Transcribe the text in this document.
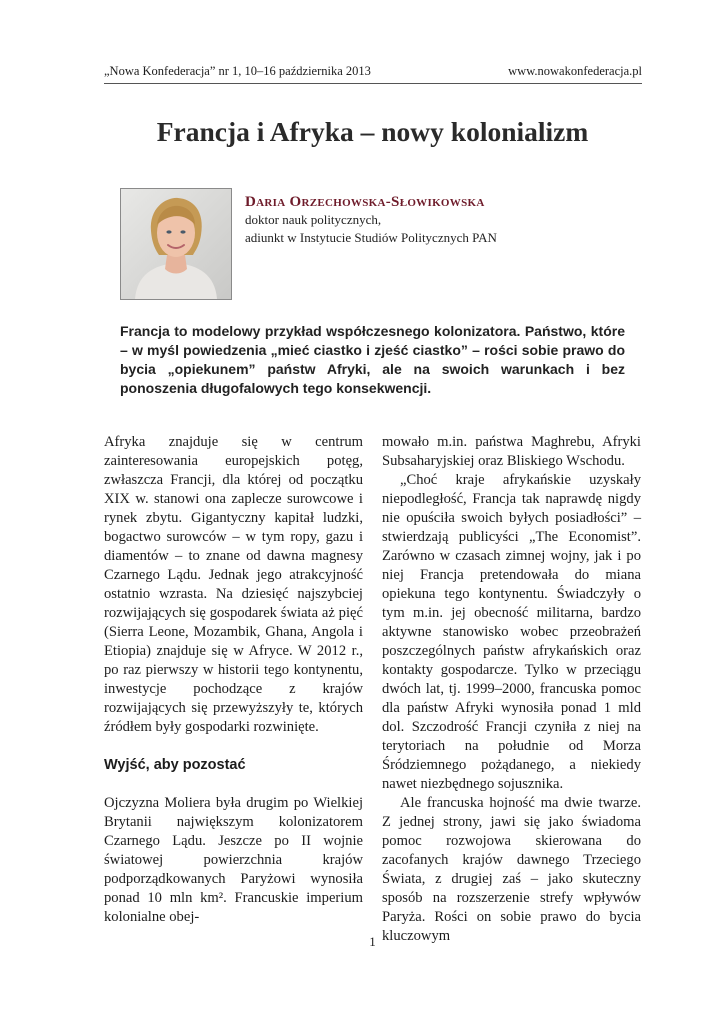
„Nowa Konfederacja” nr 1, 10–16 października 2013	www.nowakonfederacja.pl
Francja i Afryka – nowy kolonializm
Daria Orzechowska-Słowikowska
doktor nauk politycznych,
adiunkt w Instytucie Studiów Politycznych PAN

Francja to modelowy przykład współczesnego kolonizatora. Państwo, które – w myśl powiedzenia „mieć ciastko i zjeść ciastko” – rości sobie prawo do bycia „opiekunem” państw Afryki, ale na swoich warunkach i bez ponoszenia długofalowych tego konsekwencji.

Afryka znajduje się w centrum zainteresowania europejskich potęg, zwłaszcza Francji, dla której od początku XIX w. stanowi ona zaplecze surowcowe i rynek zbytu. Gigantyczny kapitał ludzki, bogactwo surowców – w tym ropy, gazu i diamentów – to znane od dawna magnesy Czarnego Lądu. Jednak jego atrakcyjność ostatnio wzrasta. Na dziesięć najszybciej rozwijających się gospodarek świata aż pięć (Sierra Leone, Mozambik, Ghana, Angola i Etiopia) znajduje się w Afryce. W 2012 r., po raz pierwszy w historii tego kontynentu, inwestycje pochodzące z krajów rozwijających się przewyższyły te, których źródłem były gospodarki rozwinięte.

Wyjść, aby pozostać

Ojczyzna Moliera była drugim po Wielkiej Brytanii największym kolonizatorem Czarnego Lądu. Jeszcze po II wojnie światowej powierzchnia krajów podporządkowanych Paryżowi wynosiła ponad 10 mln km². Francuskie imperium kolonialne obej-

mowało m.in. państwa Maghrebu, Afryki Subsaharyjskiej oraz Bliskiego Wschodu.

„Choć kraje afrykańskie uzyskały niepodległość, Francja tak naprawdę nigdy nie opuściła swoich byłych posiadłości” – stwierdzają publicyści „The Economist”. Zarówno w czasach zimnej wojny, jak i po niej Francja pretendowała do miana opiekuna tego kontynentu. Świadczyły o tym m.in. jej obecność militarna, bardzo aktywne stanowisko wobec przeobrażeń poszczególnych państw afrykańskich oraz kontakty gospodarcze. Tylko w przeciągu dwóch lat, tj. 1999–2000, francuska pomoc dla państw Afryki wynosiła ponad 1 mld dol. Szczodrość Francji czyniła z niej na terytoriach na południe od Morza Śródziemnego pożądanego, a niekiedy nawet niezbędnego sojusznika.

Ale francuska hojność ma dwie twarze. Z jednej strony, jawi się jako świadoma pomoc rozwojowa skierowana do zacofanych krajów dawnego Trzeciego Świata, z drugiej zaś – jako skuteczny sposób na rozszerzenie strefy wpływów Paryża. Rości on sobie prawo do bycia kluczowym

1
